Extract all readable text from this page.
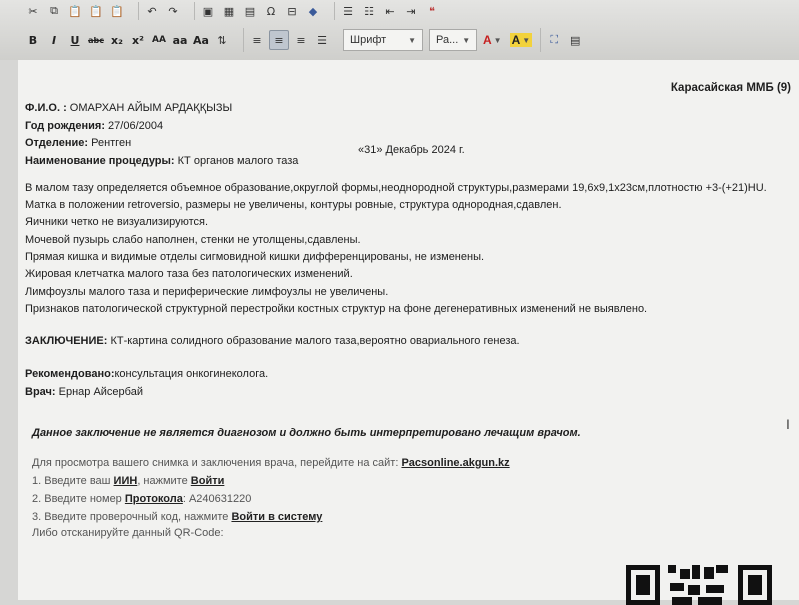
✂	⧉ 📋 📋 📋	↶	↷	▣ ▦ ▤	Ω	⊟	◆	☰	☷	⇤	⇥	❝
B	I	U	abc x₂ x² AA aa Aa ⇅	≡	≡	≡	☰	Шрифт	▼ Ра... ▼ A ▼ A ▼	⛶	▤
Карасайская ММБ (9)
Ф.И.О. : ОМАРХАН АЙЫМ АРДАҚҚЫЗЫ
Год рождения: 27/06/2004
Отделение: Рентген
Наименование процедуры: КТ органов малого таза
«31» Декабрь 2024 г.
В малом тазу определяется объемное образование,округлой формы,неоднородной структуры,размерами 19,6х9,1х23см,плотностю +3-(+21)HU.
Матка в положении retroversio, размеры не увеличены, контуры ровные, структура однородная,сдавлен.
Яичники четко не визуализируются.
Мочевой пузырь слабо наполнен, стенки не утолщены,сдавлены.
Прямая кишка и видимые отделы сигмовидной кишки дифференцированы, не изменены.
Жировая клетчатка малого таза без патологических изменений.
Лимфоузлы малого таза и периферические лимфоузлы не увеличены.
Признаков патологической структурной перестройки костных структур на фоне дегенеративных изменений не выявлено.
ЗАКЛЮЧЕНИЕ: КТ-картина солидного образование малого таза,вероятно овариального генеза.
Рекомендовано:консультация онкогинеколога.
Врач: Ернар Айсербай
Данное заключение не является диагнозом и должно быть интерпретировано лечащим врачом.
Для просмотра вашего снимка и заключения врача, перейдите на сайт: Pacsonline.akgun.kz
1. Введите ваш ИИН, нажмите Войти
2. Введите номер Протокола: A240631220
3. Введите проверочный код, нажмите Войти в систему
Либо отсканируйте данный QR-Code:
I
